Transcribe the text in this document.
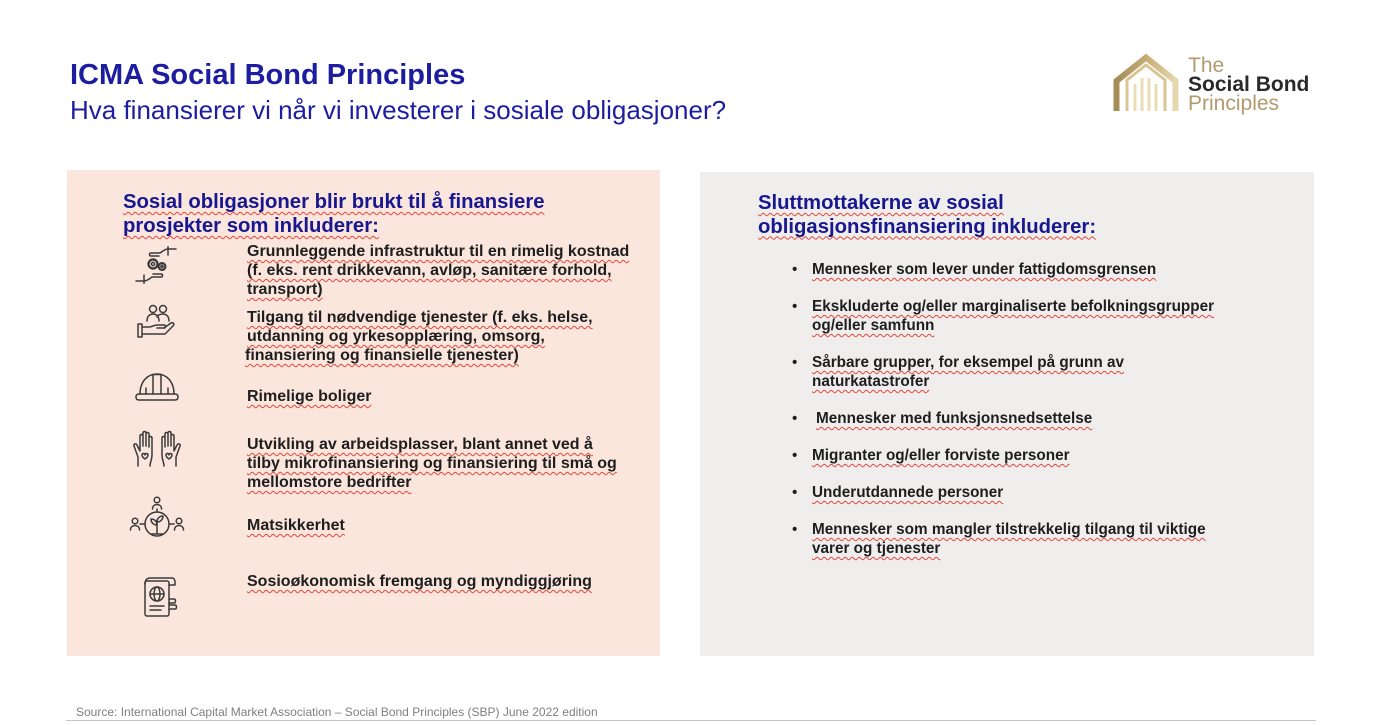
ICMA Social Bond Principles
Hva finansierer vi når vi investerer i sosiale obligasjoner?
The
Social Bond
Principles
Sosial obligasjoner blir brukt til å finansiere
prosjekter som inkluderer:
Grunnleggende infrastruktur til en rimelig kostnad
(f. eks. rent drikkevann, avløp, sanitære forhold,
transport)
Tilgang til nødvendige tjenester (f. eks. helse,
utdanning og yrkesopplæring, omsorg,
finansiering og finansielle tjenester)
Rimelige boliger
Utvikling av arbeidsplasser, blant annet ved å
tilby mikrofinansiering og finansiering til små og
mellomstore bedrifter
Matsikkerhet
Sosioøkonomisk fremgang og myndiggjøring
Sluttmottakerne av sosial
obligasjonsfinansiering inkluderer:
• Mennesker som lever under fattigdomsgrensen
• Ekskluderte og/eller marginaliserte befolkningsgrupper
og/eller samfunn
• Sårbare grupper, for eksempel på grunn av
naturkatastrofer
• Mennesker med funksjonsnedsettelse
• Migranter og/eller forviste personer
• Underutdannede personer
• Mennesker som mangler tilstrekkelig tilgang til viktige
varer og tjenester
Source: International Capital Market Association – Social Bond Principles (SBP) June 2022 edition
